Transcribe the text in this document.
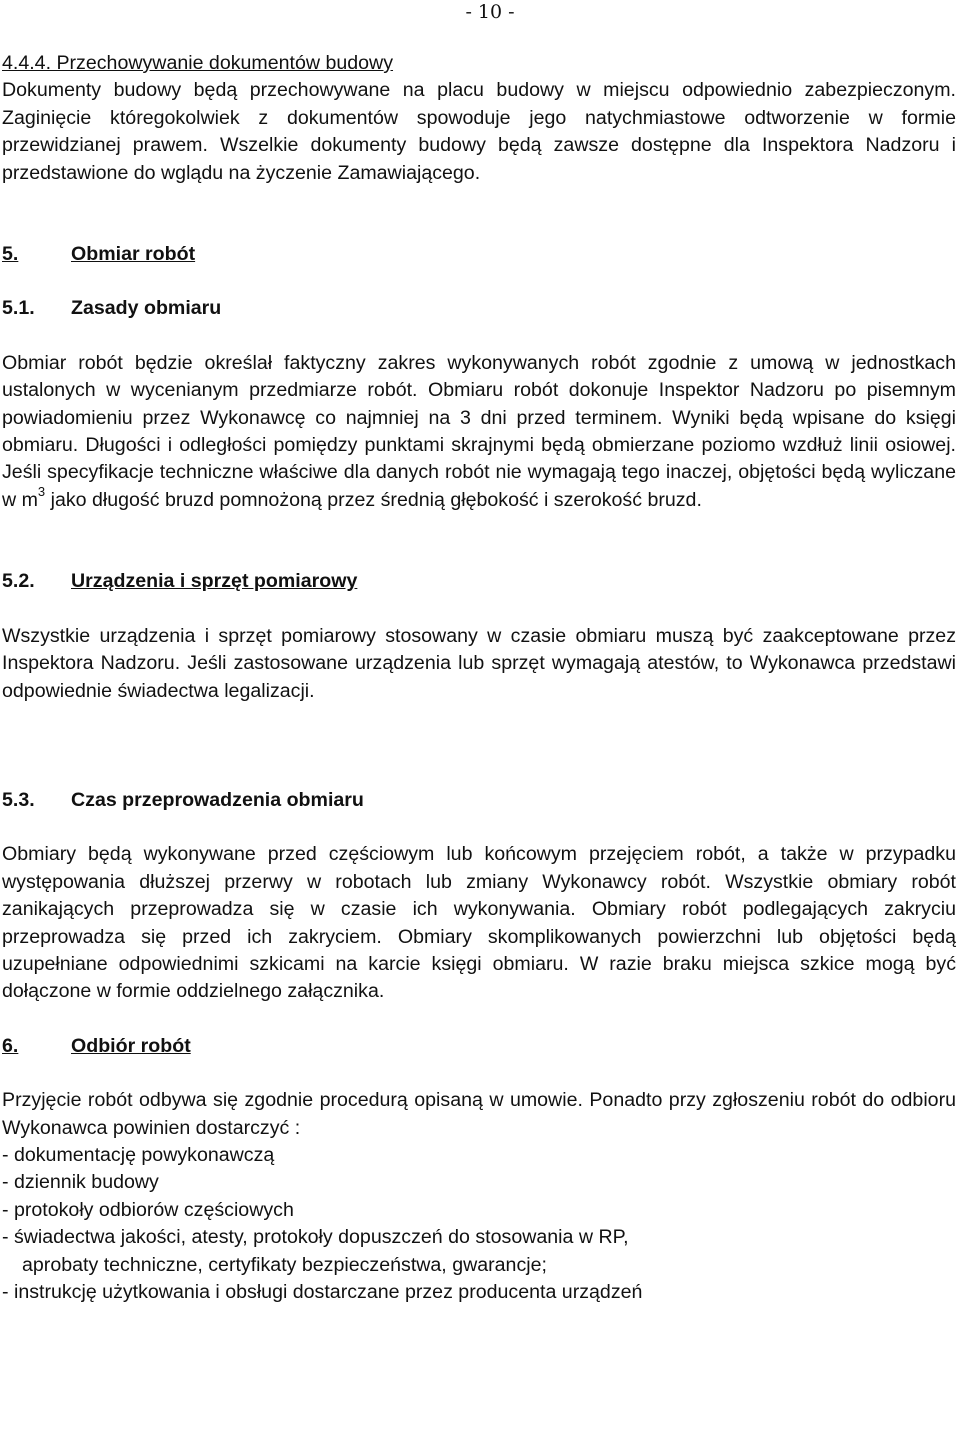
- 10 -

4.4.4. Przechowywanie dokumentów budowy

Dokumenty budowy będą przechowywane na placu budowy w miejscu odpowiednio zabezpieczonym. Zaginięcie któregokolwiek z dokumentów spowoduje jego natychmiastowe odtworzenie w formie przewidzianej prawem. Wszelkie dokumenty budowy będą zawsze dostępne dla Inspektora Nadzoru i przedstawione do wglądu na życzenie Zamawiającego.

5.	Obmiar robót
5.1.	Zasady obmiaru

Obmiar robót będzie określał faktyczny zakres wykonywanych robót zgodnie z umową w jednostkach ustalonych w wycenianym przedmiarze robót. Obmiaru robót dokonuje Inspektor Nadzoru po pisemnym powiadomieniu przez Wykonawcę co najmniej na 3 dni przed terminem. Wyniki będą wpisane do księgi obmiaru. Długości i odległości pomiędzy punktami skrajnymi będą obmierzane poziomo wzdłuż linii osiowej. Jeśli specyfikacje techniczne właściwe dla danych robót nie wymagają tego inaczej, objętości będą wyliczane w $m^3$ jako długość bruzd pomnożoną przez średnią głębokość i szerokość bruzd.

5.2.	Urządzenia i sprzęt pomiarowy

Wszystkie urządzenia i sprzęt pomiarowy stosowany w czasie obmiaru muszą być zaakceptowane przez Inspektora Nadzoru. Jeśli zastosowane urządzenia lub sprzęt wymagają atestów, to Wykonawca przedstawi odpowiednie świadectwa legalizacji.

5.3.	Czas przeprowadzenia obmiaru

Obmiary będą wykonywane przed częściowym lub końcowym przejęciem robót, a także w przypadku występowania dłuższej przerwy w robotach lub zmiany Wykonawcy robót. Wszystkie obmiary robót zanikających przeprowadza się w czasie ich wykonywania. Obmiary robót podlegających zakryciu przeprowadza się przed ich zakryciem. Obmiary skomplikowanych powierzchni lub objętości będą uzupełniane odpowiednimi szkicami na karcie księgi obmiaru. W razie braku miejsca szkice mogą być dołączone w formie oddzielnego załącznika.

6.	Odbiór robót

Przyjęcie robót odbywa się zgodnie procedurą opisaną w umowie. Ponadto przy zgłoszeniu robót do odbioru Wykonawca powinien dostarczyć :

- dokumentację powykonawczą
- dziennik budowy
- protokoły odbiorów częściowych
- świadectwa jakości, atesty, protokoły dopuszczeń do stosowania w RP,
aprobaty techniczne, certyfikaty bezpieczeństwa, gwarancje;
- instrukcję użytkowania i obsługi dostarczane przez producenta urządzeń
